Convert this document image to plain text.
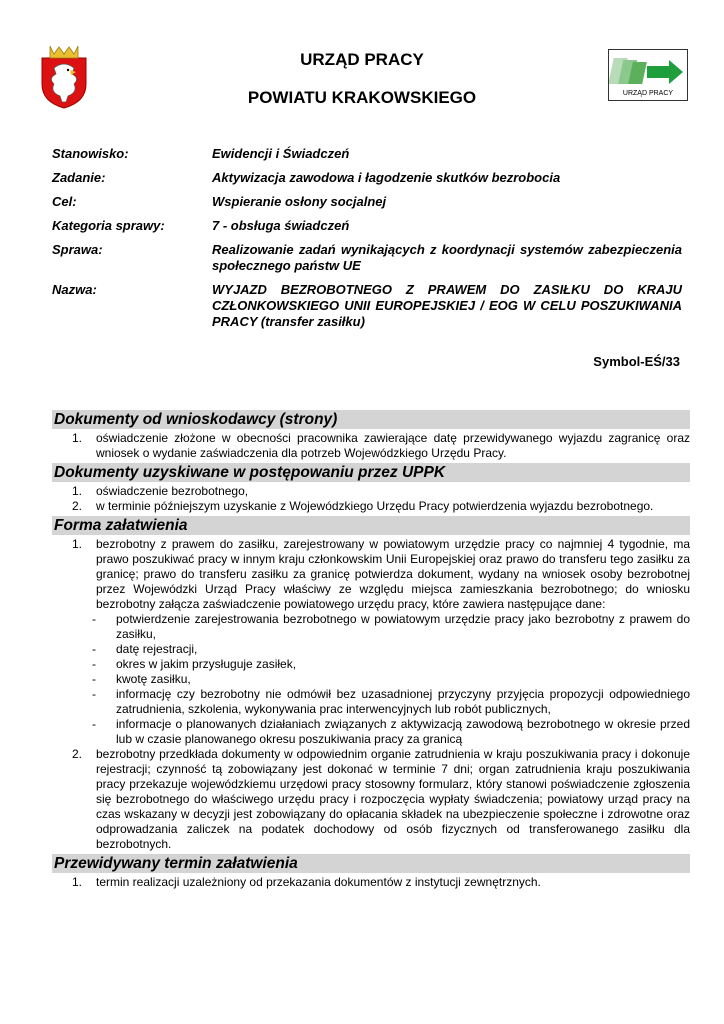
URZĄD PRACY
POWIATU KRAKOWSKIEGO	URZĄD PRACY
Stanowisko:	Ewidencji i Świadczeń
Zadanie:	Aktywizacja zawodowa i łagodzenie skutków bezrobocia
Cel:	Wspieranie osłony socjalnej
Kategoria sprawy:	7 - obsługa świadczeń
Sprawa:	Realizowanie zadań wynikających z koordynacji systemów zabezpieczenia społecznego państw UE
Nazwa:	WYJAZD BEZROBOTNEGO Z PRAWEM DO ZASIŁKU DO KRAJU CZŁONKOWSKIEGO UNII EUROPEJSKIEJ / EOG W CELU POSZUKIWANIA PRACY (transfer zasiłku)
Symbol-EŚ/33
Dokumenty od wnioskodawcy (strony)
1. oświadczenie złożone w obecności pracownika zawierające datę przewidywanego wyjazdu zagranicę oraz wniosek o wydanie zaświadczenia dla potrzeb Wojewódzkiego Urzędu Pracy.
Dokumenty uzyskiwane w postępowaniu przez UPPK
1. oświadczenie bezrobotnego,
2. w terminie późniejszym uzyskanie z Wojewódzkiego Urzędu Pracy potwierdzenia wyjazdu bezrobotnego.
Forma załatwienia
1. bezrobotny z prawem do zasiłku, zarejestrowany w powiatowym urzędzie pracy co najmniej 4 tygodnie, ma prawo poszukiwać pracy w innym kraju członkowskim Unii Europejskiej oraz prawo do transferu tego zasiłku za granicę; prawo do transferu zasiłku za granicę potwierdza dokument, wydany na wniosek osoby bezrobotnej przez Wojewódzki Urząd Pracy właściwy ze względu miejsca zamieszkania bezrobotnego; do wniosku bezrobotny załącza zaświadczenie powiatowego urzędu pracy, które zawiera następujące dane:
- potwierdzenie zarejestrowania bezrobotnego w powiatowym urzędzie pracy jako bezrobotny z prawem do zasiłku,
- datę rejestracji,
- okres w jakim przysługuje zasiłek,
- kwotę zasiłku,
- informację czy bezrobotny nie odmówił bez uzasadnionej przyczyny przyjęcia propozycji odpowiedniego zatrudnienia, szkolenia, wykonywania prac interwencyjnych lub robót publicznych,
- informacje o planowanych działaniach związanych z aktywizacją zawodową bezrobotnego w okresie przed lub w czasie planowanego okresu poszukiwania pracy za granicą
2. bezrobotny przedkłada dokumenty w odpowiednim organie zatrudnienia w kraju poszukiwania pracy i dokonuje rejestracji; czynność tą zobowiązany jest dokonać w terminie 7 dni; organ zatrudnienia kraju poszukiwania pracy przekazuje wojewódzkiemu urzędowi pracy stosowny formularz, który stanowi poświadczenie zgłoszenia się bezrobotnego do właściwego urzędu pracy i rozpoczęcia wypłaty świadczenia; powiatowy urząd pracy na czas wskazany w decyzji jest zobowiązany do opłacania składek na ubezpieczenie społeczne i zdrowotne oraz odprowadzania zaliczek na podatek dochodowy od osób fizycznych od transferowanego zasiłku dla bezrobotnych.
Przewidywany termin załatwienia
1. termin realizacji uzależniony od przekazania dokumentów z instytucji zewnętrznych.
